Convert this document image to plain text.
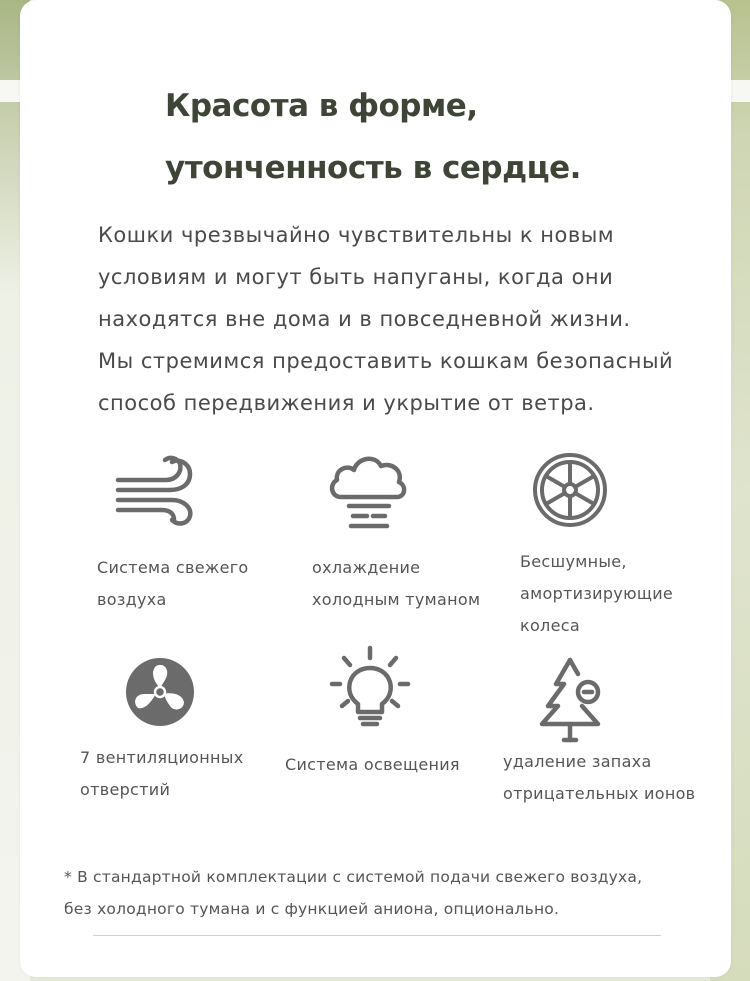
Красота в форме,
утонченность в сердце.
Кошки чрезвычайно чувствительны к новым
условиям и могут быть напуганы, когда они
находятся вне дома и в повседневной жизни.
Мы стремимся предоставить кошкам безопасный
способ передвижения и укрытие от ветра.
Система свежего
воздуха
охлаждение
холодным туманом
Бесшумные,
амортизирующие
колеса
7 вентиляционных
отверстий
Система освещения	удаление запаха
отрицательных ионов
* В стандартной комплектации с системой подачи свежего воздуха,
без холодного тумана и с функцией аниона, опционально.
